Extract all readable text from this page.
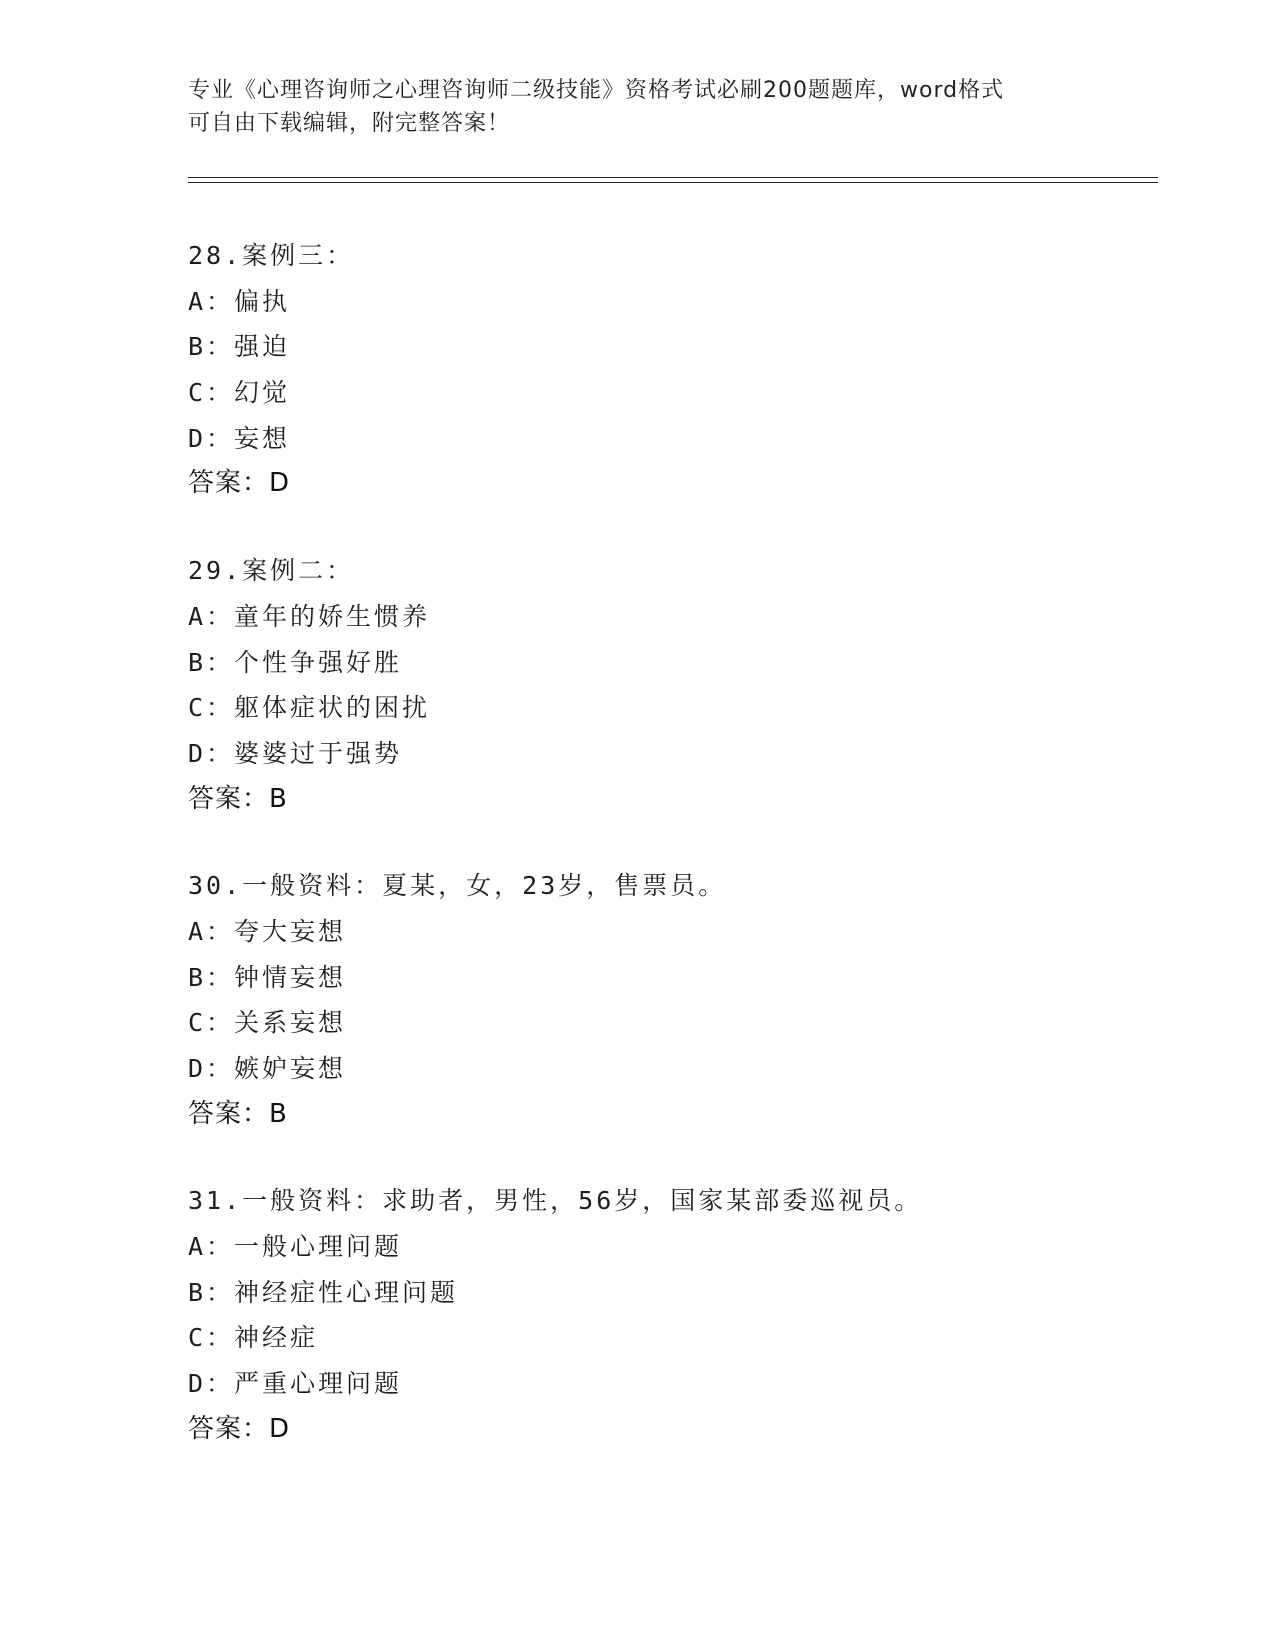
专业《心理咨询师之心理咨询师二级技能》资格考试必刷200题题库，word格式
可自由下载编辑，附完整答案！
28.案例三：
A：偏执
B：强迫
C：幻觉
D：妄想
答案：D
29.案例二：
A：童年的娇生惯养
B：个性争强好胜
C：躯体症状的困扰
D：婆婆过于强势
答案：B
30.一般资料：夏某，女，23岁，售票员。
A：夸大妄想
B：钟情妄想
C：关系妄想
D：嫉妒妄想
答案：B
31.一般资料：求助者，男性，56岁，国家某部委巡视员。
A：一般心理问题
B：神经症性心理问题
C：神经症
D：严重心理问题
答案：D
